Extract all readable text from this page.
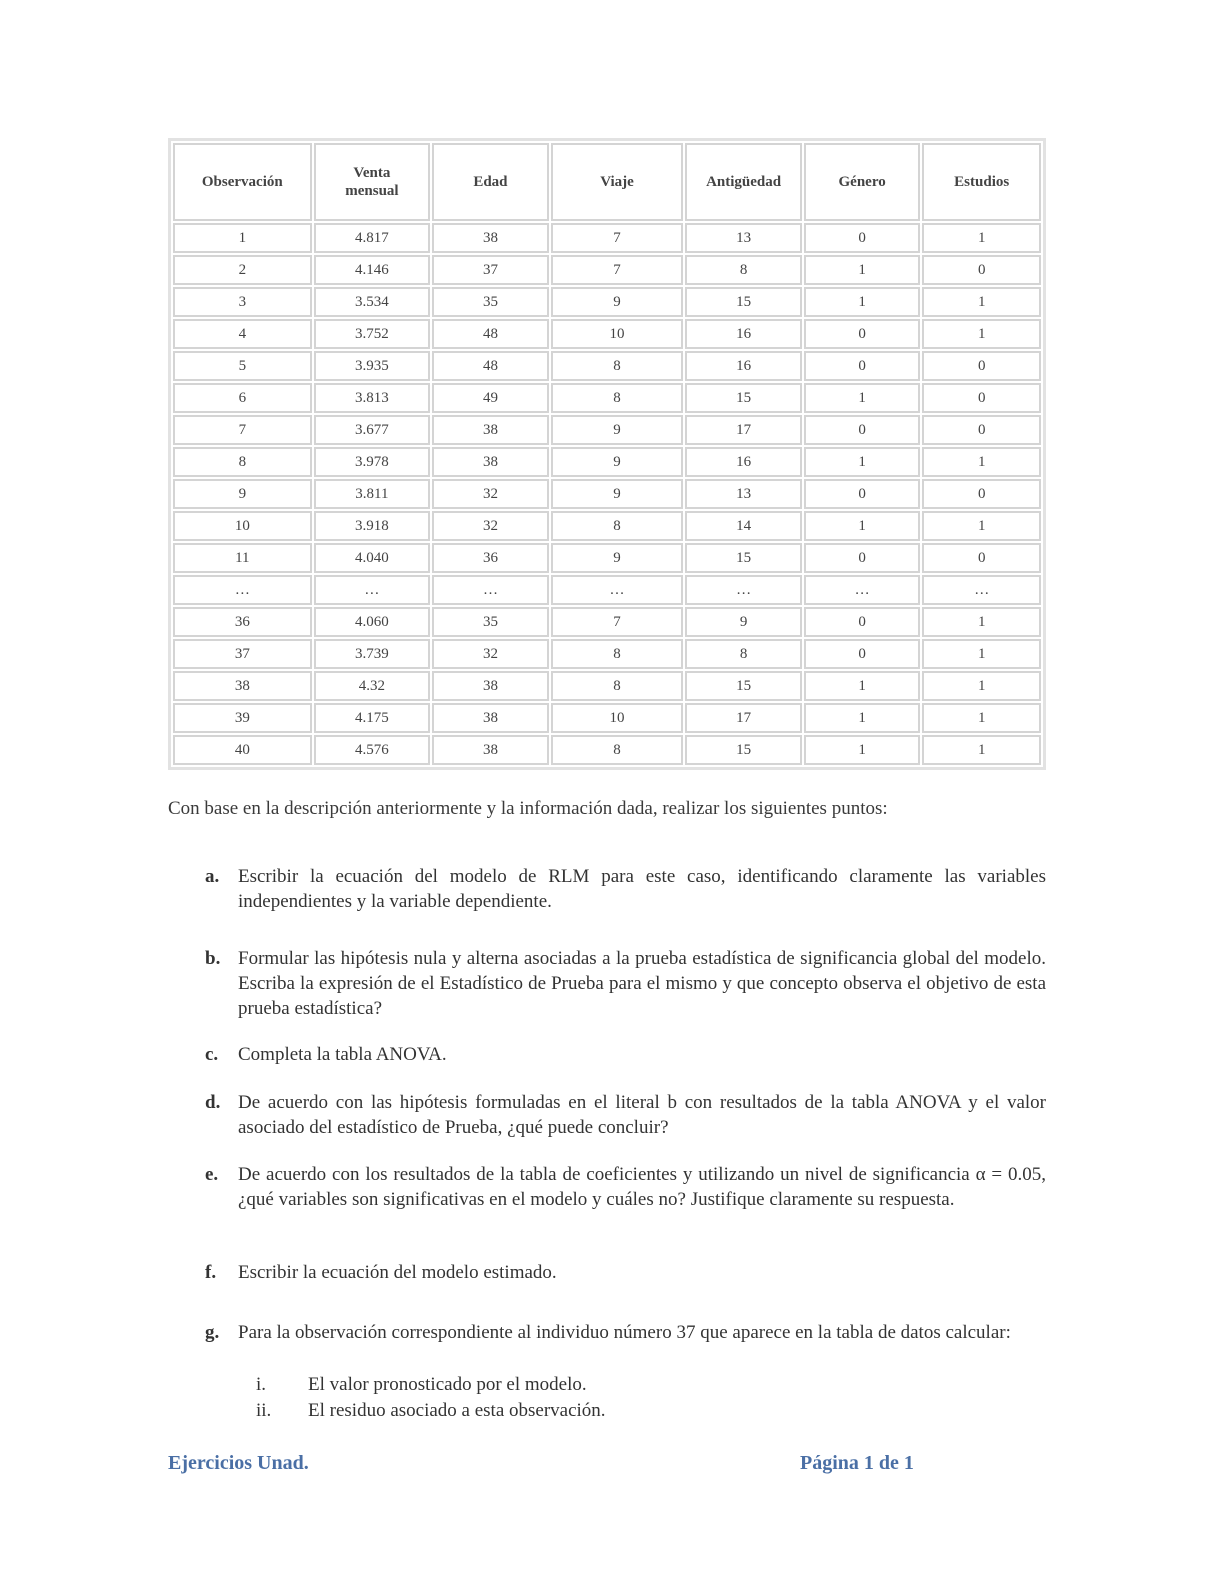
Observación	Venta mensual	Edad	Viaje	Antigüedad	Género	Estudios
1	4.817	38	7	13	0	1
2	4.146	37	7	8	1	0
3	3.534	35	9	15	1	1
4	3.752	48	10	16	0	1
5	3.935	48	8	16	0	0
6	3.813	49	8	15	1	0
7	3.677	38	9	17	0	0
8	3.978	38	9	16	1	1
9	3.811	32	9	13	0	0
10	3.918	32	8	14	1	1
11	4.040	36	9	15	0	0
…	…	…	…	…	…	…
36	4.060	35	7	9	0	1
37	3.739	32	8	8	0	1
38	4.32	38	8	15	1	1
39	4.175	38	10	17	1	1
40	4.576	38	8	15	1	1

Con base en la descripción anteriormente y la información dada, realizar los siguientes puntos:

a. Escribir la ecuación del modelo de RLM para este caso, identificando claramente las variables independientes y la variable dependiente.
b. Formular las hipótesis nula y alterna asociadas a la prueba estadística de significancia global del modelo. Escriba la expresión de el Estadístico de Prueba para el mismo y que concepto observa el objetivo de esta prueba estadística?
c. Completa la tabla ANOVA.
d. De acuerdo con las hipótesis formuladas en el literal b con resultados de la tabla ANOVA y el valor asociado del estadístico de Prueba, ¿qué puede concluir?
e. De acuerdo con los resultados de la tabla de coeficientes y utilizando un nivel de significancia α = 0.05, ¿qué variables son significativas en el modelo y cuáles no? Justifique claramente su respuesta.
f. Escribir la ecuación del modelo estimado.
g. Para la observación correspondiente al individuo número 37 que aparece en la tabla de datos calcular:
i. El valor pronosticado por el modelo.
ii. El residuo asociado a esta observación.
Ejercicios Unad.	Página 1 de 1
